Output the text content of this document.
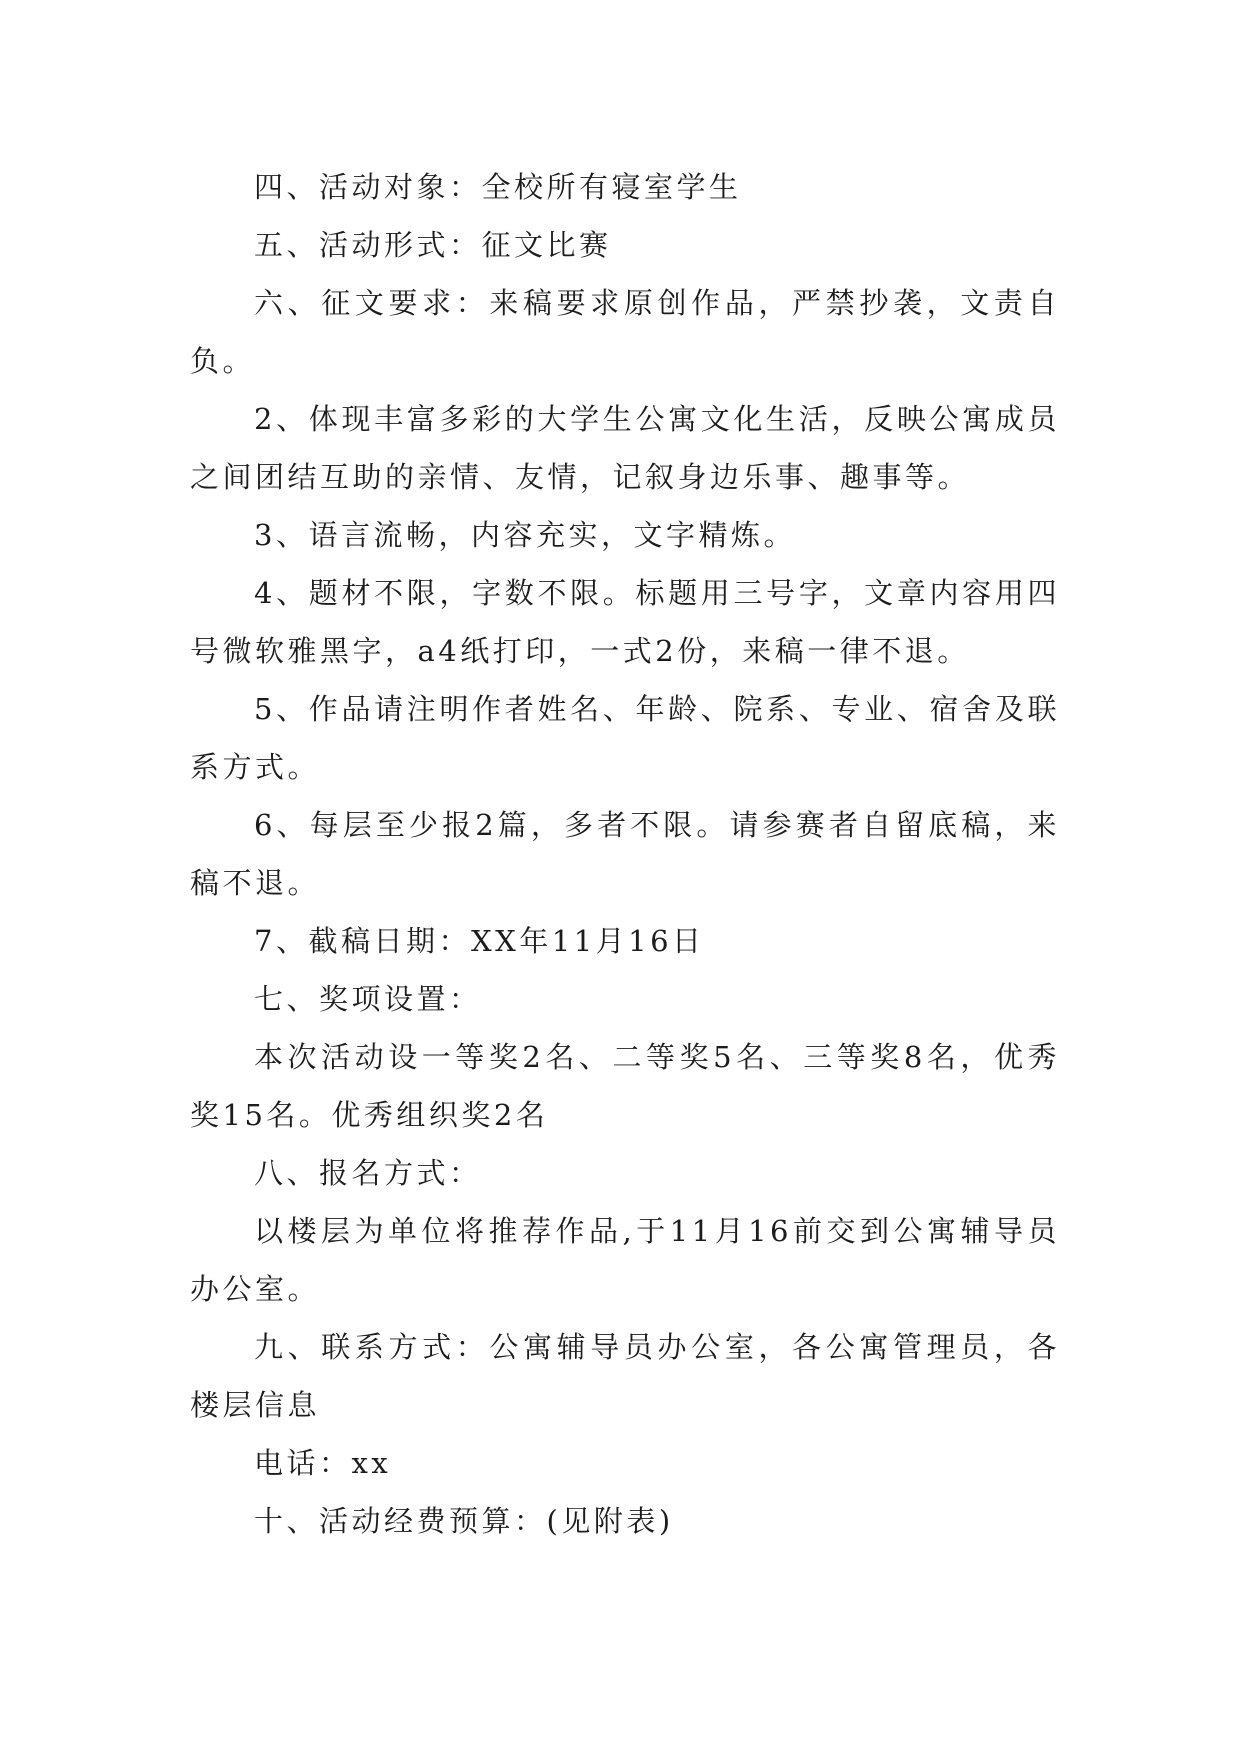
四、活动对象：全校所有寝室学生

五、活动形式：征文比赛

六、征文要求：来稿要求原创作品，严禁抄袭，文责自负。

2、体现丰富多彩的大学生公寓文化生活，反映公寓成员之间团结互助的亲情、友情，记叙身边乐事、趣事等。

3、语言流畅，内容充实，文字精炼。

4、题材不限，字数不限。标题用三号字，文章内容用四号微软雅黑字，a4纸打印，一式2份，来稿一律不退。

5、作品请注明作者姓名、年龄、院系、专业、宿舍及联系方式。

6、每层至少报2篇，多者不限。请参赛者自留底稿，来稿不退。

7、截稿日期：XX年11月16日

七、奖项设置：

本次活动设一等奖2名、二等奖5名、三等奖8名，优秀奖15名。优秀组织奖2名

八、报名方式：

以楼层为单位将推荐作品,于11月16前交到公寓辅导员办公室。

九、联系方式：公寓辅导员办公室，各公寓管理员，各楼层信息

电话：xx

十、活动经费预算：(见附表)
